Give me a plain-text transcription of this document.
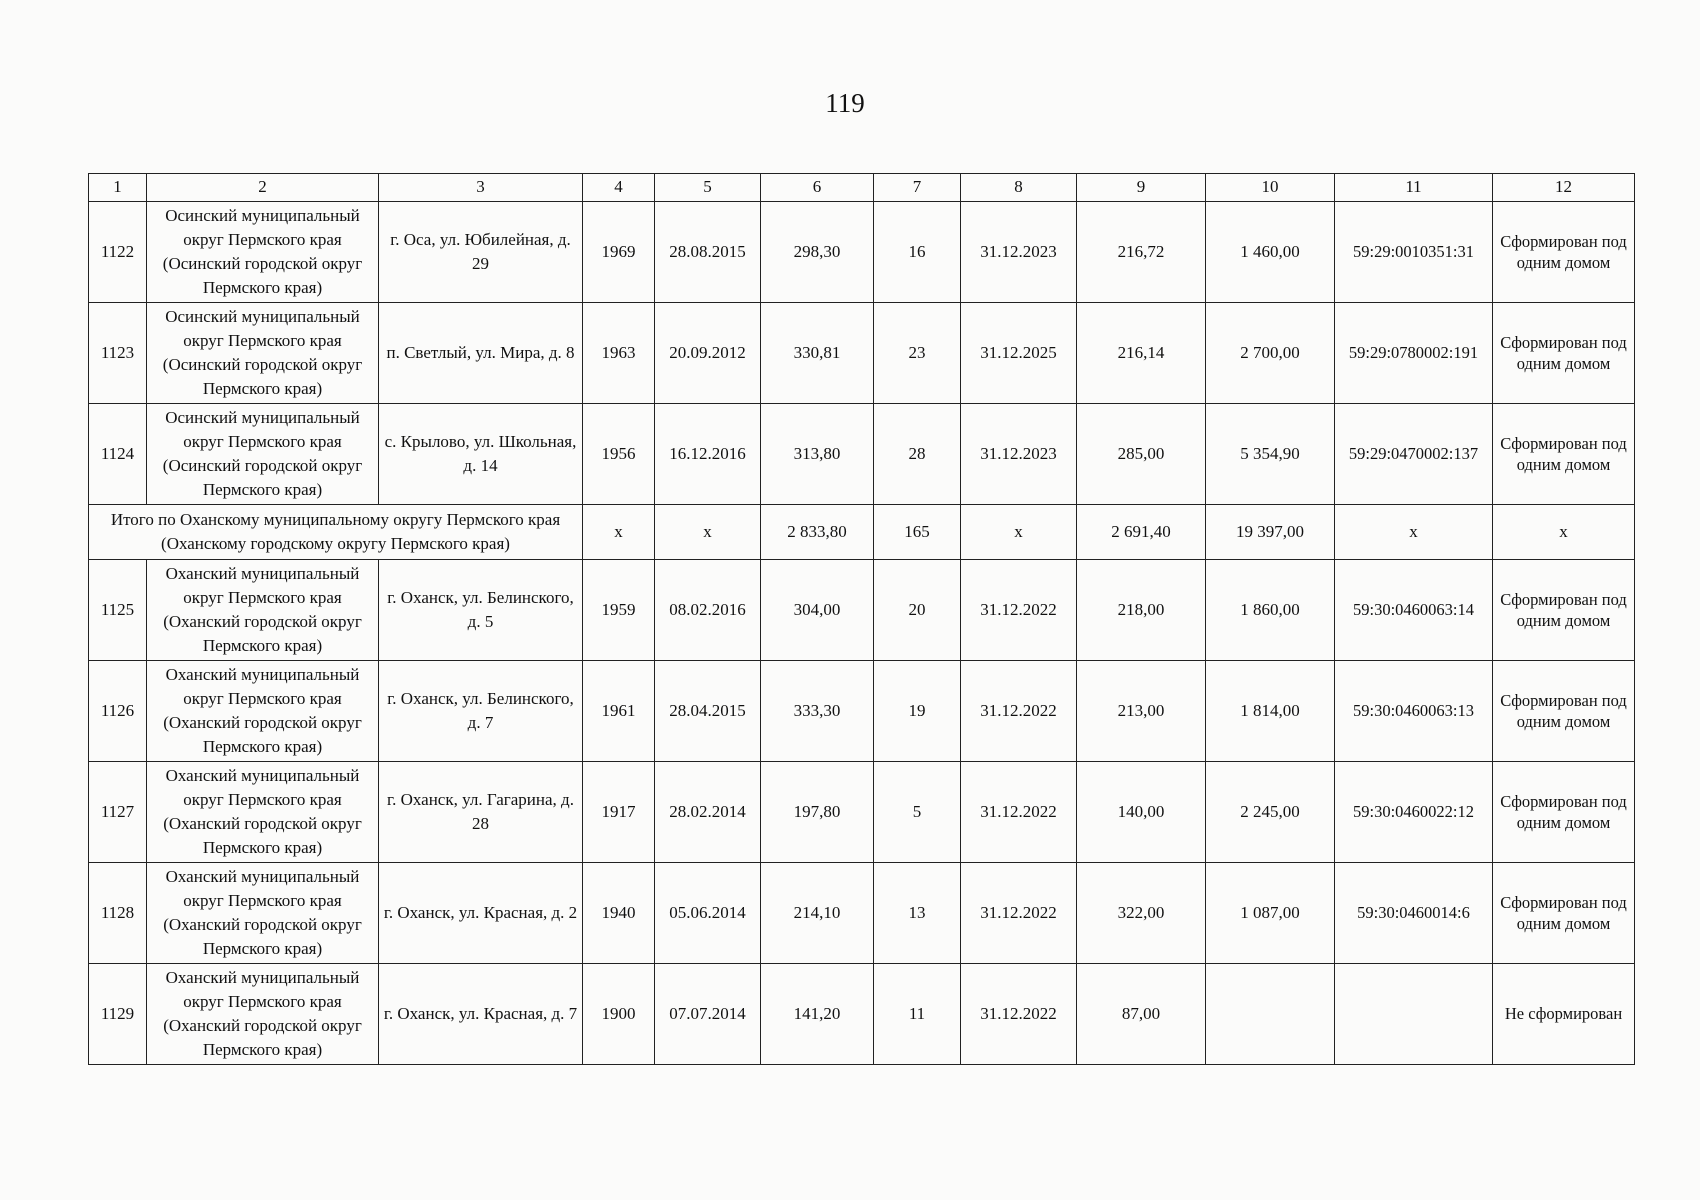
119
1	2	3	4	5	6	7	8	9	10	11	12
1122	Осинский муниципальный округ Пермского края (Осинский городской округ Пермского края)	г. Оса, ул. Юбилейная, д. 29	1969	28.08.2015	298,30	16	31.12.2023	216,72	1 460,00	59:29:0010351:31	Сформирован под одним домом
1123	Осинский муниципальный округ Пермского края (Осинский городской округ Пермского края)	п. Светлый, ул. Мира, д. 8	1963	20.09.2012	330,81	23	31.12.2025	216,14	2 700,00	59:29:0780002:191	Сформирован под одним домом
1124	Осинский муниципальный округ Пермского края (Осинский городской округ Пермского края)	с. Крылово, ул. Школьная, д. 14	1956	16.12.2016	313,80	28	31.12.2023	285,00	5 354,90	59:29:0470002:137	Сформирован под одним домом
Итого по Оханскому муниципальному округу Пермского края (Оханскому городскому округу Пермского края)			x	x	2 833,80	165	x	2 691,40	19 397,00	x	x
1125	Оханский муниципальный округ Пермского края (Оханский городской округ Пермского края)	г. Оханск, ул. Белинского, д. 5	1959	08.02.2016	304,00	20	31.12.2022	218,00	1 860,00	59:30:0460063:14	Сформирован под одним домом
1126	Оханский муниципальный округ Пермского края (Оханский городской округ Пермского края)	г. Оханск, ул. Белинского, д. 7	1961	28.04.2015	333,30	19	31.12.2022	213,00	1 814,00	59:30:0460063:13	Сформирован под одним домом
1127	Оханский муниципальный округ Пермского края (Оханский городской округ Пермского края)	г. Оханск, ул. Гагарина, д. 28	1917	28.02.2014	197,80	5	31.12.2022	140,00	2 245,00	59:30:0460022:12	Сформирован под одним домом
1128	Оханский муниципальный округ Пермского края (Оханский городской округ Пермского края)	г. Оханск, ул. Красная, д. 2	1940	05.06.2014	214,10	13	31.12.2022	322,00	1 087,00	59:30:0460014:6	Сформирован под одним домом
1129	Оханский муниципальный округ Пермского края (Оханский городской округ Пермского края)	г. Оханск, ул. Красная, д. 7	1900	07.07.2014	141,20	11	31.12.2022	87,00			Не сформирован
